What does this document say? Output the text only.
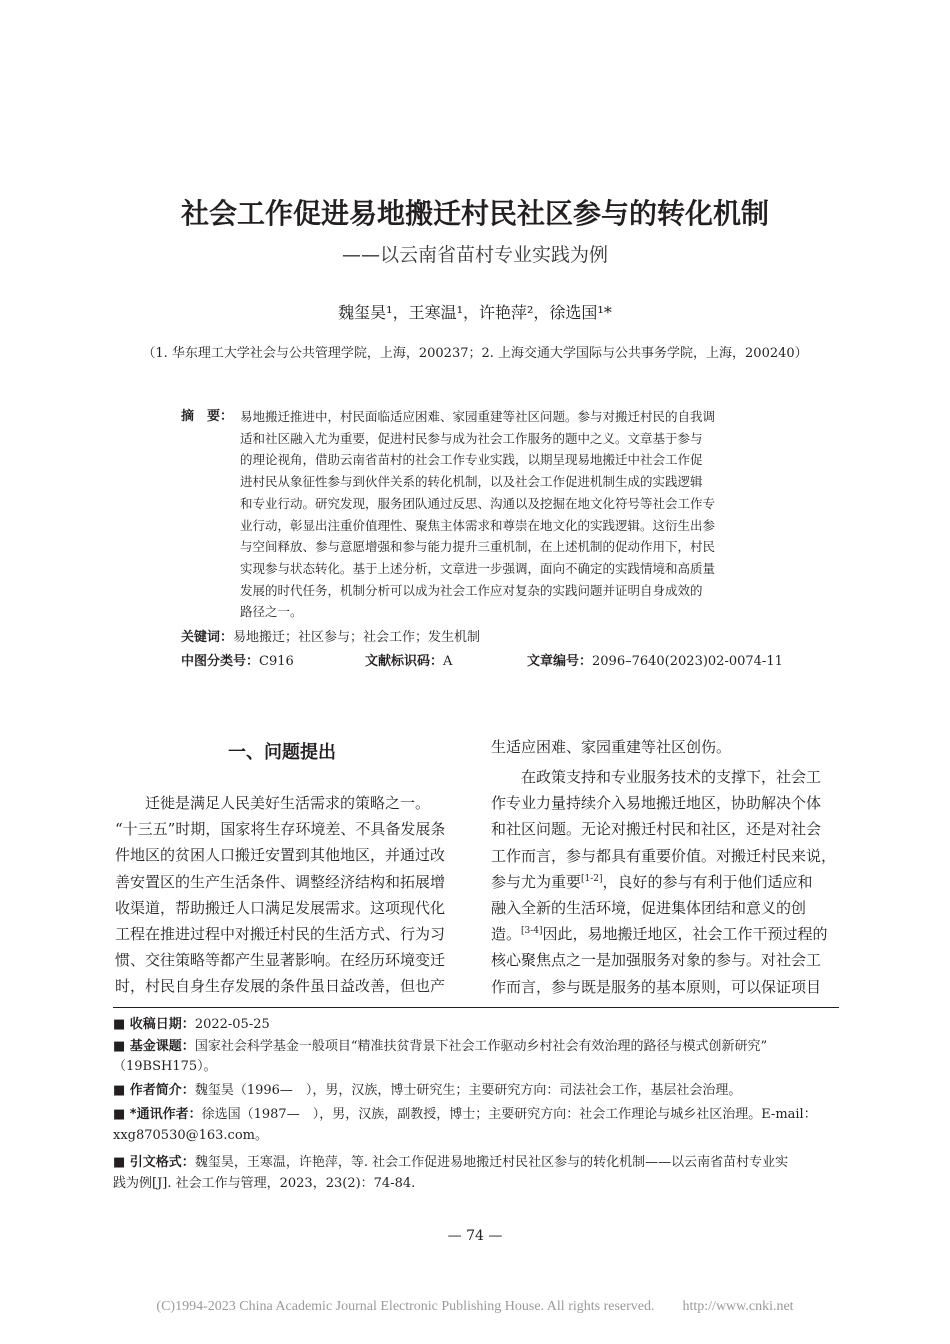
社会工作促进易地搬迁村民社区参与的转化机制
——以云南省苗村专业实践为例
魏玺昊¹，王寒温¹，许艳萍²，徐选国¹*
（1. 华东理工大学社会与公共管理学院，上海，200237；2. 上海交通大学国际与公共事务学院，上海，200240）
摘　要： 易地搬迁推进中，村民面临适应困难、家园重建等社区问题。参与对搬迁村民的自我调
适和社区融入尤为重要，促进村民参与成为社会工作服务的题中之义。文章基于参与
的理论视角，借助云南省苗村的社会工作专业实践，以期呈现易地搬迁中社会工作促
进村民从象征性参与到伙伴关系的转化机制，以及社会工作促进机制生成的实践逻辑
和专业行动。研究发现，服务团队通过反思、沟通以及挖掘在地文化符号等社会工作专
业行动，彰显出注重价值理性、聚焦主体需求和尊崇在地文化的实践逻辑。这衍生出参
与空间释放、参与意愿增强和参与能力提升三重机制，在上述机制的促动作用下，村民
实现参与状态转化。基于上述分析，文章进一步强调，面向不确定的实践情境和高质量
发展的时代任务，机制分析可以成为社会工作应对复杂的实践问题并证明自身成效的
路径之一。
关键词：易地搬迁；社区参与；社会工作；发生机制
中图分类号：C916	文献标识码：A	文章编号：2096–7640(2023)02-0074-11
一、问题提出
迁徙是满足人民美好生活需求的策略之一。
“十三五”时期，国家将生存环境差、不具备发展条
件地区的贫困人口搬迁安置到其他地区，并通过改
善安置区的生产生活条件、调整经济结构和拓展增
收渠道，帮助搬迁人口满足发展需求。这项现代化
工程在推进过程中对搬迁村民的生活方式、行为习
惯、交往策略等都产生显著影响。在经历环境变迁
时，村民自身生存发展的条件虽日益改善，但也产
生适应困难、家园重建等社区创伤。
在政策支持和专业服务技术的支撑下，社会工
作专业力量持续介入易地搬迁地区，协助解决个体
和社区问题。无论对搬迁村民和社区，还是对社会
工作而言，参与都具有重要价值。对搬迁村民来说，
参与尤为重要[1-2]，良好的参与有利于他们适应和
融入全新的生活环境，促进集体团结和意义的创
造。[3-4]因此，易地搬迁地区，社会工作干预过程的
核心聚焦点之一是加强服务对象的参与。对社会工
作而言，参与既是服务的基本原则，可以保证项目
■ 收稿日期：2022-05-25
■ 基金课题：国家社会科学基金一般项目“精准扶贫背景下社会工作驱动乡村社会有效治理的路径与模式创新研究”
（19BSH175）。
■ 作者简介：魏玺昊（1996—　），男，汉族，博士研究生；主要研究方向：司法社会工作，基层社会治理。
■ *通讯作者：徐选国（1987—　），男，汉族，副教授，博士；主要研究方向：社会工作理论与城乡社区治理。E-mail：
xxg870530@163.com。
■ 引文格式：魏玺昊，王寒温，许艳萍，等. 社会工作促进易地搬迁村民社区参与的转化机制——以云南省苗村专业实
践为例[J]. 社会工作与管理，2023，23(2)：74-84.
— 74 —
(C)1994-2023 China Academic Journal Electronic Publishing House. All rights reserved.　　http://www.cnki.net
